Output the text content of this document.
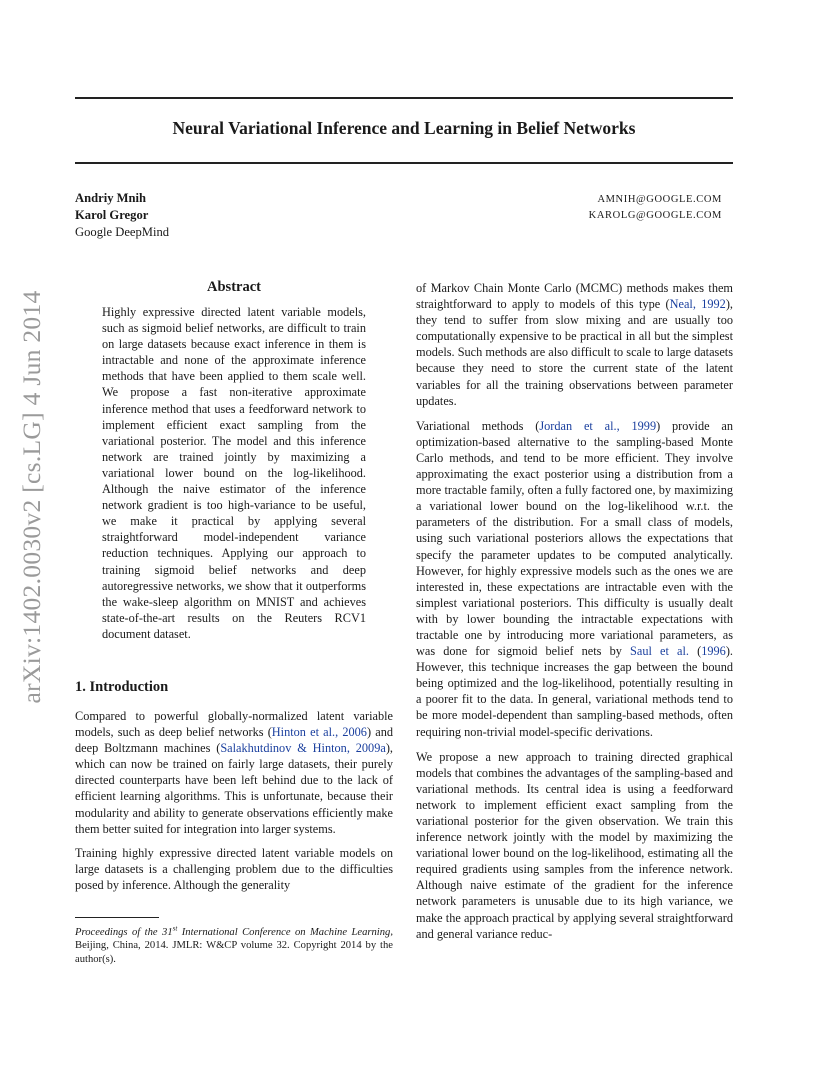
arXiv:1402.0030v2 [cs.LG] 4 Jun 2014
Neural Variational Inference and Learning in Belief Networks
Andriy Mnih
Karol Gregor
Google DeepMind
AMNIH@GOOGLE.COM
KAROLG@GOOGLE.COM
Abstract
Highly expressive directed latent variable models, such as sigmoid belief networks, are difficult to train on large datasets because exact inference in them is intractable and none of the approximate inference methods that have been applied to them scale well. We propose a fast non-iterative approximate inference method that uses a feedforward network to implement efficient exact sampling from the variational posterior. The model and this inference network are trained jointly by maximizing a variational lower bound on the log-likelihood. Although the naive estimator of the inference network gradient is too high-variance to be useful, we make it practical by applying several straightforward model-independent variance reduction techniques. Applying our approach to training sigmoid belief networks and deep autoregressive networks, we show that it outperforms the wake-sleep algorithm on MNIST and achieves state-of-the-art results on the Reuters RCV1 document dataset.
1. Introduction

Compared to powerful globally-normalized latent variable models, such as deep belief networks (Hinton et al., 2006) and deep Boltzmann machines (Salakhutdinov & Hinton, 2009a), which can now be trained on fairly large datasets, their purely directed counterparts have been left behind due to the lack of efficient learning algorithms. This is unfortunate, because their modularity and ability to generate observations efficiently make them better suited for integration into larger systems.

Training highly expressive directed latent variable models on large datasets is a challenging problem due to the difficulties posed by inference. Although the generality

Proceedings of the 31st International Conference on Machine Learning, Beijing, China, 2014. JMLR: W&CP volume 32. Copyright 2014 by the author(s).

of Markov Chain Monte Carlo (MCMC) methods makes them straightforward to apply to models of this type (Neal, 1992), they tend to suffer from slow mixing and are usually too computationally expensive to be practical in all but the simplest models. Such methods are also difficult to scale to large datasets because they need to store the current state of the latent variables for all the training observations between parameter updates.

Variational methods (Jordan et al., 1999) provide an optimization-based alternative to the sampling-based Monte Carlo methods, and tend to be more efficient. They involve approximating the exact posterior using a distribution from a more tractable family, often a fully factored one, by maximizing a variational lower bound on the log-likelihood w.r.t. the parameters of the distribution. For a small class of models, using such variational posteriors allows the expectations that specify the parameter updates to be computed analytically. However, for highly expressive models such as the ones we are interested in, these expectations are intractable even with the simplest variational posteriors. This difficulty is usually dealt with by lower bounding the intractable expectations with tractable one by introducing more variational parameters, as was done for sigmoid belief nets by Saul et al. (1996). However, this technique increases the gap between the bound being optimized and the log-likelihood, potentially resulting in a poorer fit to the data. In general, variational methods tend to be more model-dependent than sampling-based methods, often requiring non-trivial model-specific derivations.

We propose a new approach to training directed graphical models that combines the advantages of the sampling-based and variational methods. Its central idea is using a feedforward network to implement efficient exact sampling from the variational posterior for the given observation. We train this inference network jointly with the model by maximizing the variational lower bound on the log-likelihood, estimating all the required gradients using samples from the inference network. Although naive estimate of the gradient for the inference network parameters is unusable due to its high variance, we make the approach practical by applying several straightforward and general variance reduc-
